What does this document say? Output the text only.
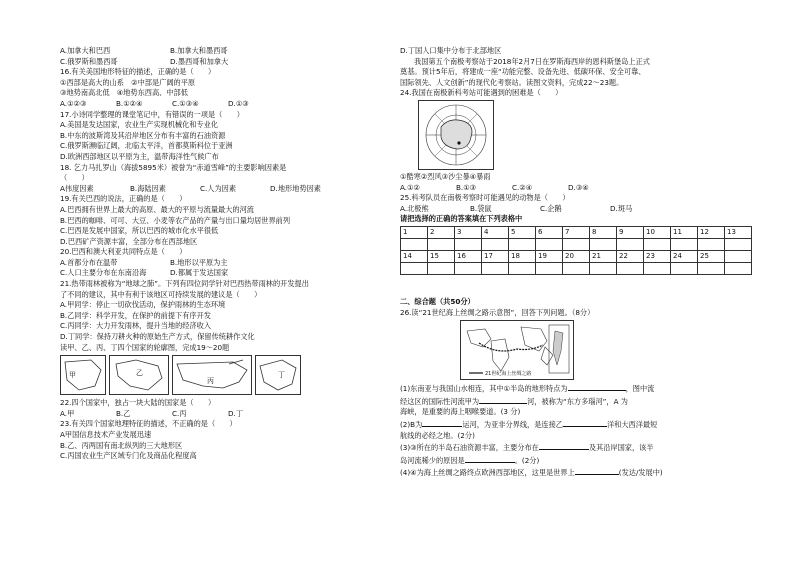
A.加拿大和巴西	B.加拿大和墨西哥
C.俄罗斯和墨西哥	D.墨西哥和加拿大
16.有关美国地形特征的描述，正确的是（　　）
①西部是高大的山系　②中部是广阔的平原
③地势南高北低　④地势东西高、中部低
A.①②③	B.①②④	C.①③④	D.①③
17.小诗同学整理的课堂笔记中，有错误的一项是（　　）
A.美国是发达国家，农业生产实现机械化和专业化
B.中东的波斯湾及其沿岸地区分布有丰富的石油资源
C.俄罗斯濒临辽阔，北临太平洋，首都莫斯科位于亚洲
D.欧洲西部地区以平原为主，温带海洋性气候广布
18. 乞力马扎罗山（海拔5895米）被誉为“赤道雪峰”的主要影响因素是
（　　）
A伟度因素	B.海陆因素	C.人为因素	D.地形地势因素
19.有关巴西的说法，正确的是（　　）
A.巴西拥有世界上最大的高原、最大的平原与流量最大的河流
B.巴西的咖啡、可可、大豆、小麦等农产品的产量与出口量均居世界前列
C.巴西是发展中国家，所以巴西的城市化水平很低
D.巴西矿产资源丰富，全部分布在西部地区
20.巴西和澳大利亚共同特点是（　　）
A.首都分布在温带	B.地形以平原为主
C.人口主要分布在东南沿海	D.都属于发达国家
21.热带雨林被称为“地球之肺”。下列有四位同学针对巴西热带雨林的开发提出
了不同的建议，其中有利于该地区可持续发展的建议是（　　）
A.甲同学：停止一切砍伐活动，保护雨林的生态环境
B.乙同学：科学开发，在保护的前提下有序开发
C.丙同学：大力开发雨林，提升当地的经济收入
D.丁同学：保持刀耕火种的原始生产方式，保留传统耕作文化
读甲、乙、丙、丁四个国家的轮廓图，完成19～20题
甲	乙
丙
丁
22.四个国家中，独占一块大陆的国家是（　　）
A.甲	B.乙	C.丙	D.丁
23.有关四个国家地理特征的描述，不正确的是（　　）
A甲国信息技术产业发展迅速
B.乙、丙两国有南北纵列的三大地形区
C.丙国农业生产区域专门化及商品化程度高
D.丁国人口集中分布于北部地区
我国第五个南极考察站于2018年2月7日在罗斯海西岸的恩科斯堡岛上正式
奠基。预计5年后，将建成一座“功能完整、设备先进、低碳环保、安全可靠、
国际领先、人文创新”的现代化考察站。读图文资料，完成22～23题。
24.我国在南极新科考站可能遇到的困难是（　　）
①酷寒②烈风③沙尘暴④暴雨
A.①②	B.①③	C.②④	D.③④
25.科考队员在南极考察时可能遇见的动物是（　　）
A.北极熊	B.袋鼠	C.企鹅	D.斑马
请把选择的正确的答案填在下列表格中
1	2	3	4	5	6	7	8	9	10	11	12	13

14	15	16	17	18	19	20	21	22	23	24	25	

二、综合题（共50分）
26.读“21世纪海上丝绸之路示意图”，回答下列问题。（8分）
21世纪海上丝绸之路
(1)东南亚与我国山水相连，其中①半岛的地形特点为	，图中流
经这区的国际性河流甲为	河，被称为“东方多瑙河”，A 为
海峡，是重要的海上咽喉要道。(3 分)
(2)B为	运河，为亚非分界线，是连接乙	洋和大西洋最短
航线的必经之地。(2分)
(3)③所在的半岛石油资源丰富，主要分布在	及其沿岸国家，该半
岛河流稀少的原因是	。(2分)
(4)④为海上丝绸之路终点欧洲西部地区，这里是世界上	(发达/发展中)
